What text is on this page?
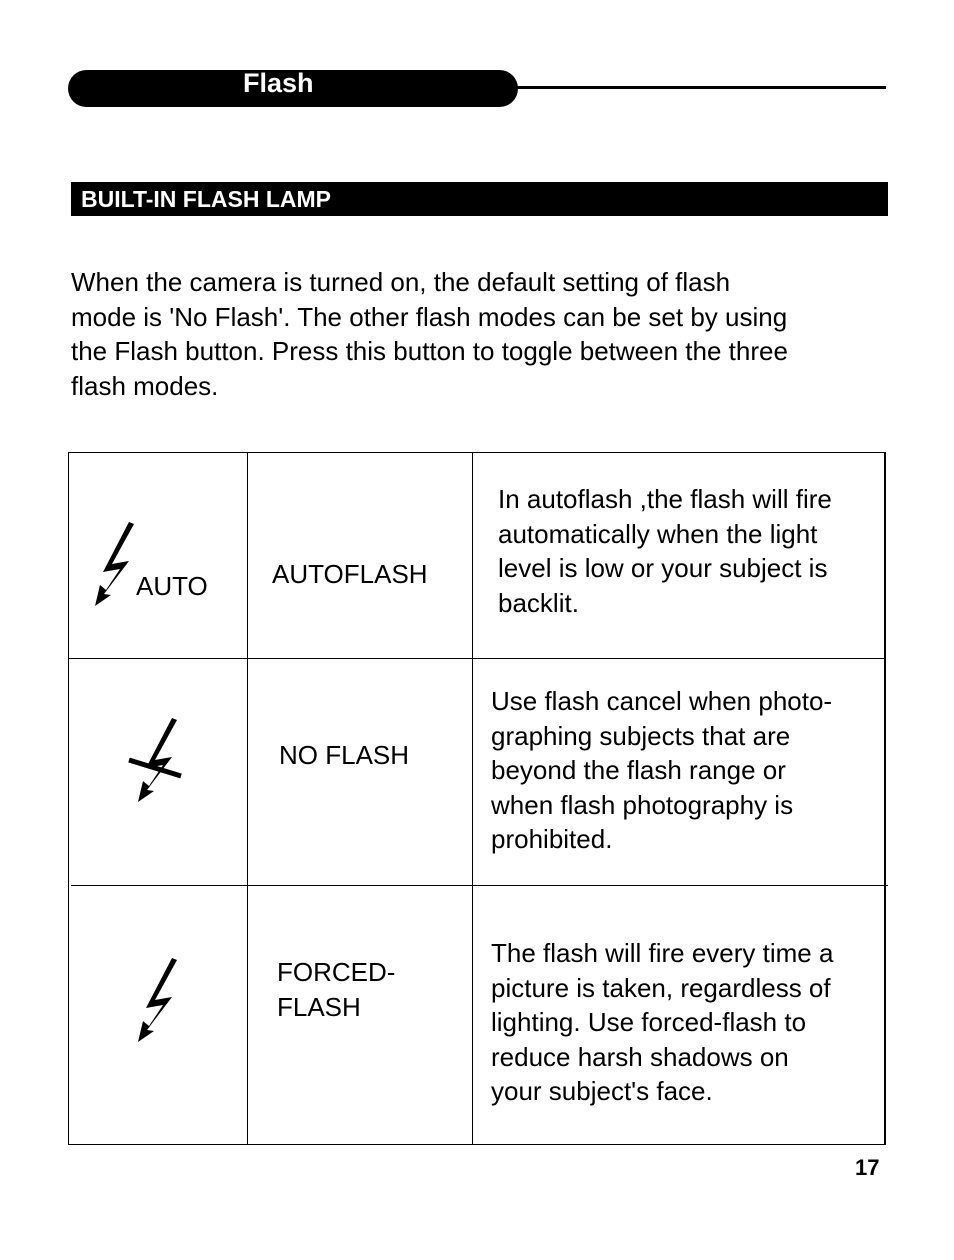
Flash
BUILT-IN FLASH LAMP

When the camera is turned on, the default setting of flash

mode is 'No Flash'. The other flash modes can be set by using

the Flash button. Press this button to toggle between the three

flash modes.

AUTO AUTOFLASH
In autoflash ,the flash will fire
automatically when the light
level is low or your subject is
backlit.
NO FLASH
Use flash cancel when photo-
graphing subjects that are
beyond the flash range or
when flash photography is
prohibited.
FORCED-
FLASH
The flash will fire every time a
picture is taken, regardless of
lighting. Use forced-flash to
reduce harsh shadows on
your subject's face.
17
